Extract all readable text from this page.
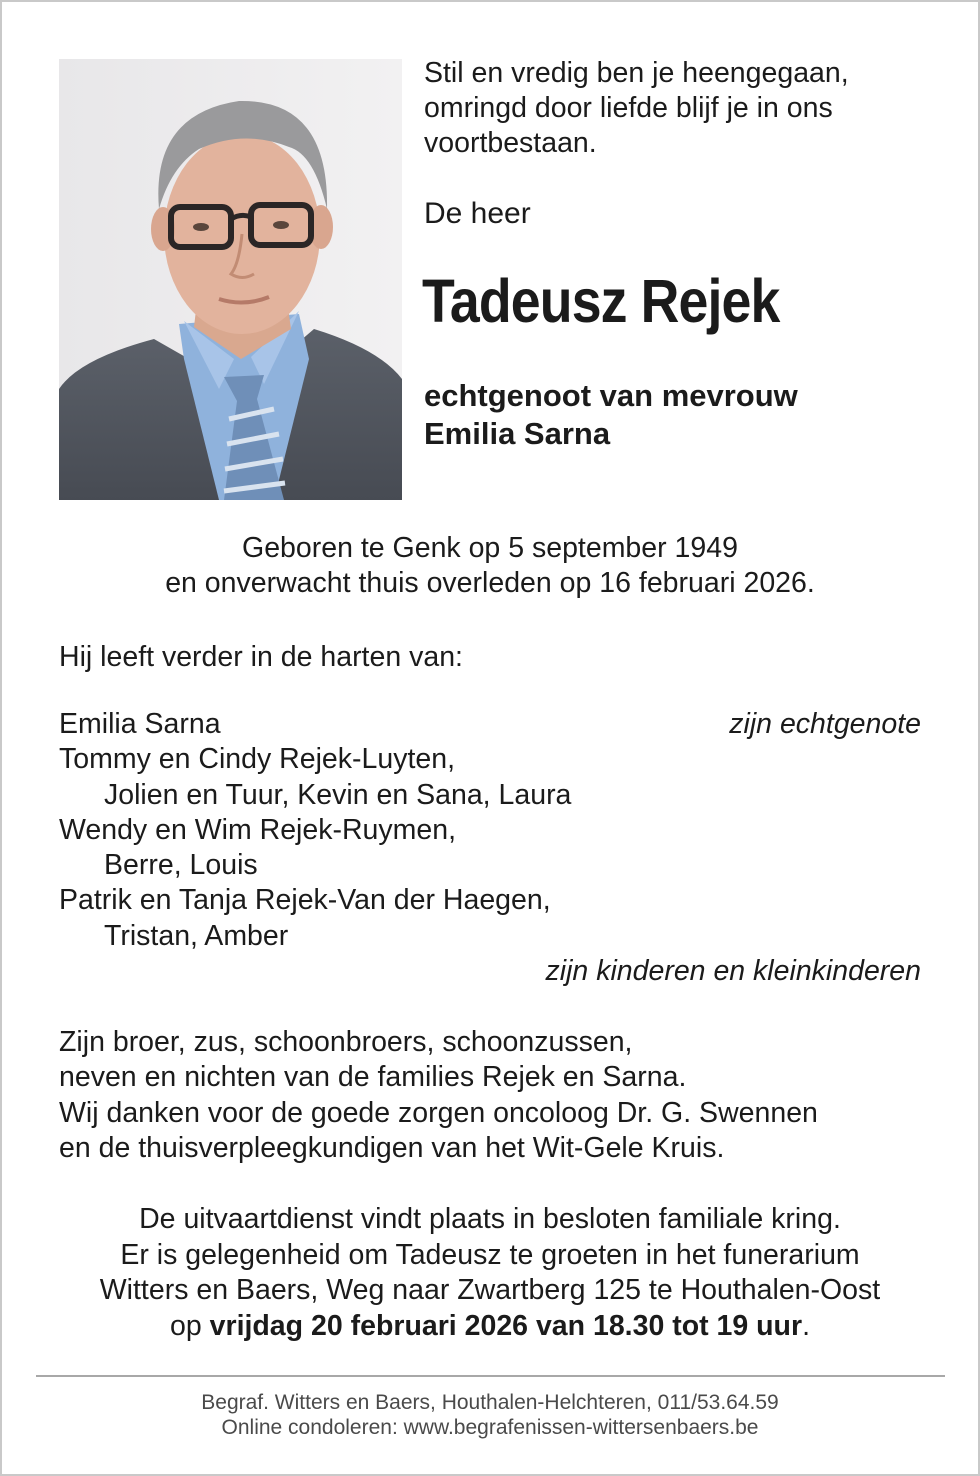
Stil en vredig ben je heengegaan,
omringd door liefde blijf je in ons
voortbestaan.
De heer
Tadeusz Rejek
echtgenoot van mevrouw
Emilia Sarna
Geboren te Genk op 5 september 1949
en onverwacht thuis overleden op 16 februari 2026.
Hij leeft verder in de harten van:
Emilia Sarna	zijn echtgenote
Tommy en Cindy Rejek-Luyten,
Jolien en Tuur, Kevin en Sana, Laura
Wendy en Wim Rejek-Ruymen,
Berre, Louis
Patrik en Tanja Rejek-Van der Haegen,
Tristan, Amber
zijn kinderen en kleinkinderen
Zijn broer, zus, schoonbroers, schoonzussen,
neven en nichten van de families Rejek en Sarna.
Wij danken voor de goede zorgen oncoloog Dr. G. Swennen
en de thuisverpleegkundigen van het Wit-Gele Kruis.
De uitvaartdienst vindt plaats in besloten familiale kring.
Er is gelegenheid om Tadeusz te groeten in het funerarium
Witters en Baers, Weg naar Zwartberg 125 te Houthalen-Oost
op vrijdag 20 februari 2026 van 18.30 tot 19 uur.
Begraf. Witters en Baers, Houthalen-Helchteren, 011/53.64.59
Online condoleren: www.begrafenissen-wittersenbaers.be
